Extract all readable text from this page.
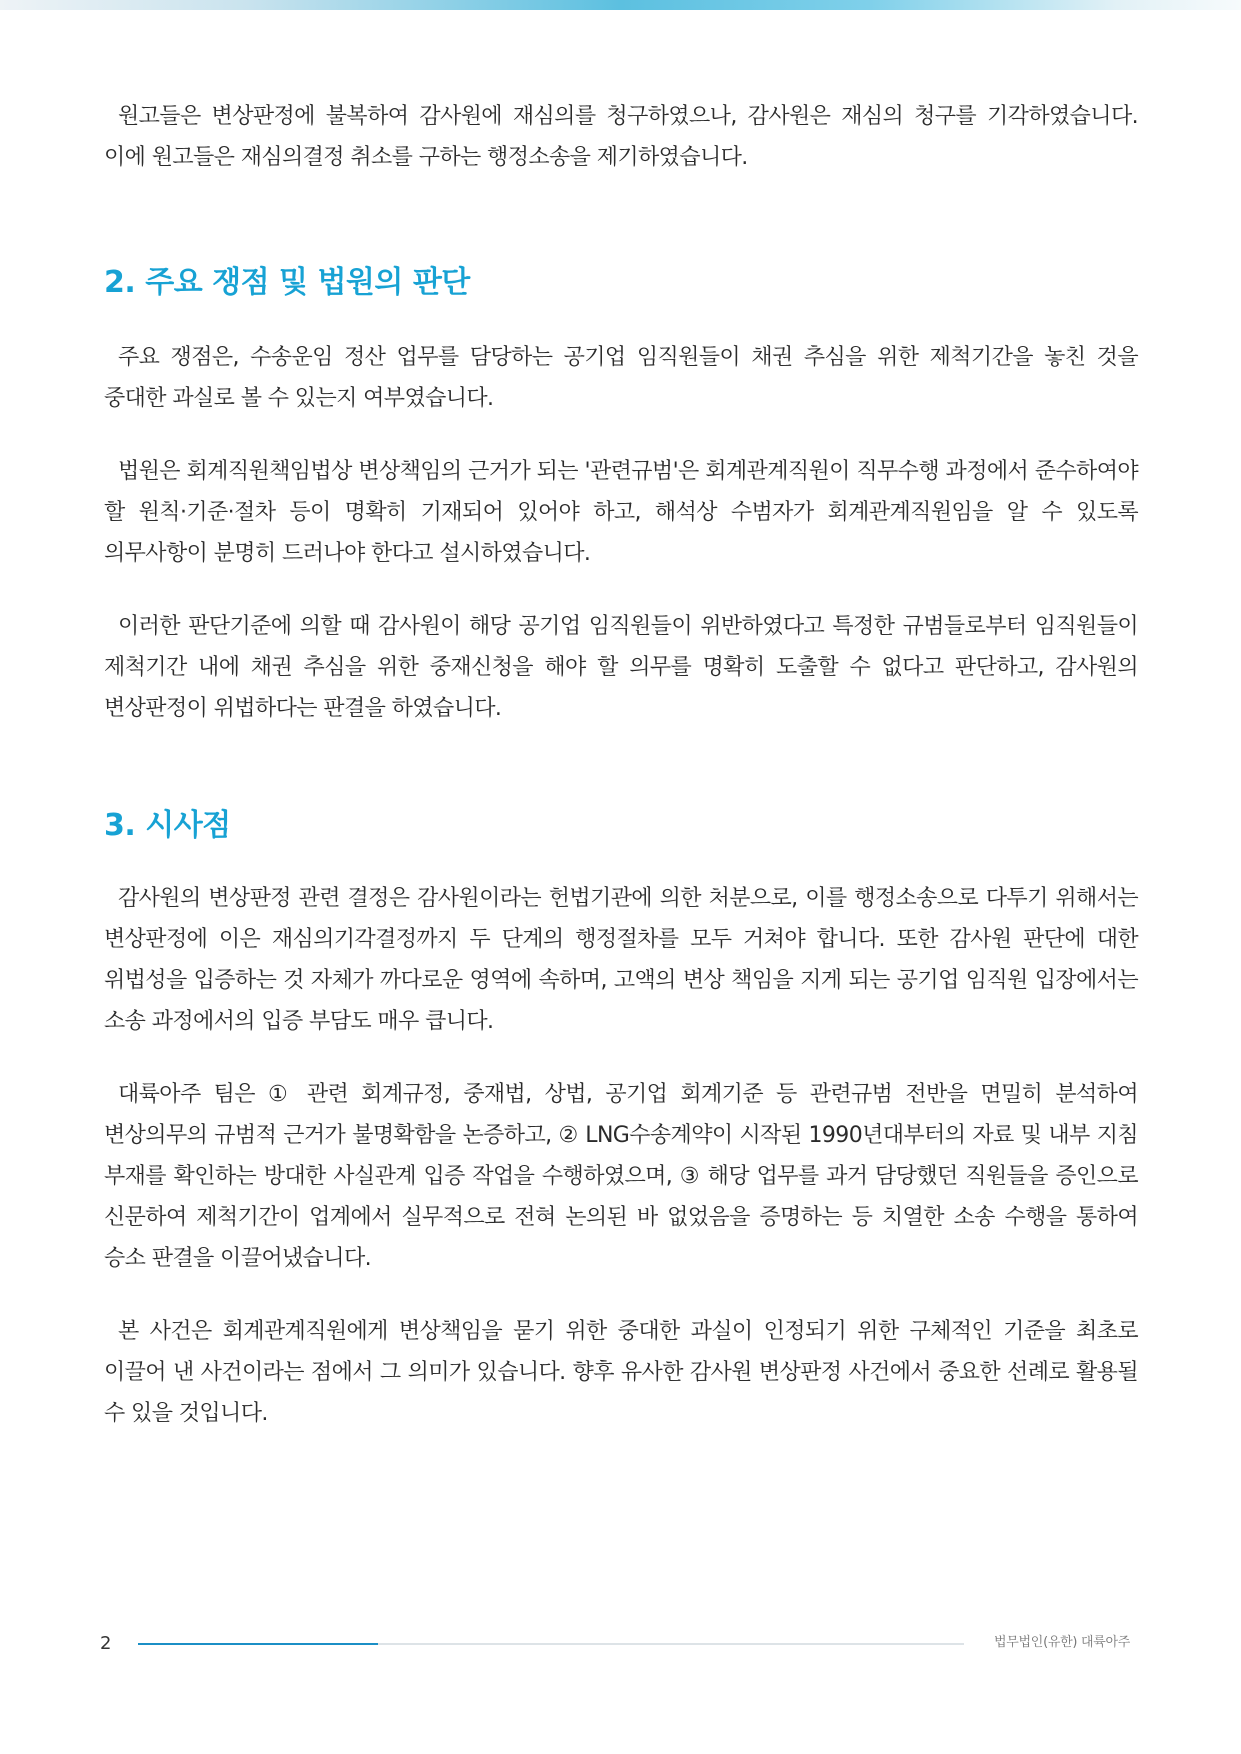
원고들은 변상판정에 불복하여 감사원에 재심의를 청구하였으나, 감사원은 재심의 청구를 기각하였습니다. 이에 원고들은 재심의결정 취소를 구하는 행정소송을 제기하였습니다.

2. 주요 쟁점 및 법원의 판단

주요 쟁점은, 수송운임 정산 업무를 담당하는 공기업 임직원들이 채권 추심을 위한 제척기간을 놓친 것을 중대한 과실로 볼 수 있는지 여부였습니다.

법원은 회계직원책임법상 변상책임의 근거가 되는 '관련규범'은 회계관계직원이 직무수행 과정에서 준수하여야 할 원칙·기준·절차 등이 명확히 기재되어 있어야 하고, 해석상 수범자가 회계관계직원임을 알 수 있도록 의무사항이 분명히 드러나야 한다고 설시하였습니다.

이러한 판단기준에 의할 때 감사원이 해당 공기업 임직원들이 위반하였다고 특정한 규범들로부터 임직원들이 제척기간 내에 채권 추심을 위한 중재신청을 해야 할 의무를 명확히 도출할 수 없다고 판단하고, 감사원의 변상판정이 위법하다는 판결을 하였습니다.

3. 시사점

감사원의 변상판정 관련 결정은 감사원이라는 헌법기관에 의한 처분으로, 이를 행정소송으로 다투기 위해서는 변상판정에 이은 재심의기각결정까지 두 단계의 행정절차를 모두 거쳐야 합니다. 또한 감사원 판단에 대한 위법성을 입증하는 것 자체가 까다로운 영역에 속하며, 고액의 변상 책임을 지게 되는 공기업 임직원 입장에서는 소송 과정에서의 입증 부담도 매우 큽니다.

대륙아주 팀은 ① 관련 회계규정, 중재법, 상법, 공기업 회계기준 등 관련규범 전반을 면밀히 분석하여 변상의무의 규범적 근거가 불명확함을 논증하고, ② LNG수송계약이 시작된 1990년대부터의 자료 및 내부 지침 부재를 확인하는 방대한 사실관계 입증 작업을 수행하였으며, ③ 해당 업무를 과거 담당했던 직원들을 증인으로 신문하여 제척기간이 업계에서 실무적으로 전혀 논의된 바 없었음을 증명하는 등 치열한 소송 수행을 통하여 승소 판결을 이끌어냈습니다.

본 사건은 회계관계직원에게 변상책임을 묻기 위한 중대한 과실이 인정되기 위한 구체적인 기준을 최초로 이끌어 낸 사건이라는 점에서 그 의미가 있습니다. 향후 유사한 감사원 변상판정 사건에서 중요한 선례로 활용될 수 있을 것입니다.

2	법무법인(유한) 대륙아주
